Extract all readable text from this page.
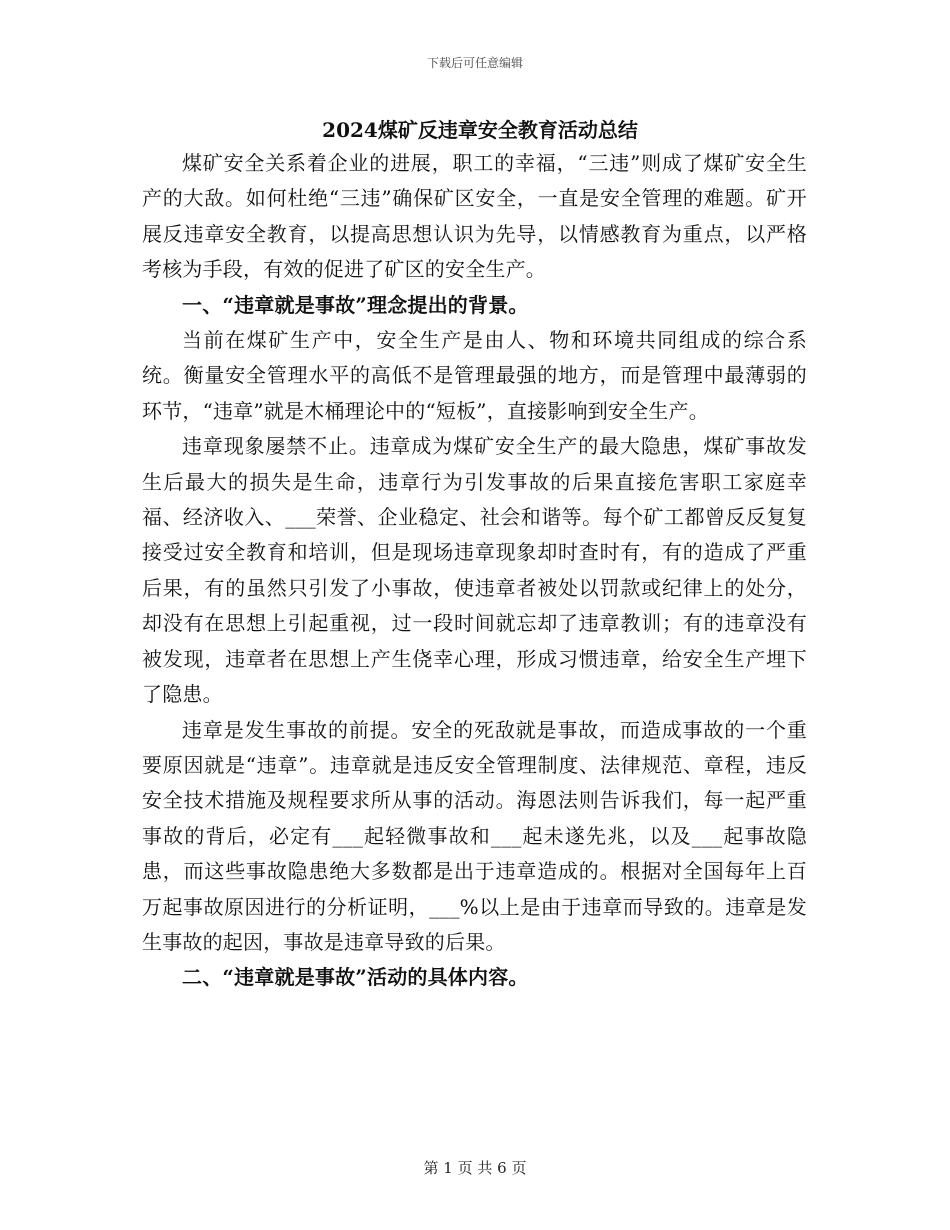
下载后可任意编辑
2024煤矿反违章安全教育活动总结

煤矿安全关系着企业的进展，职工的幸福，“三违”则成了煤矿安全生产的大敌。如何杜绝“三违”确保矿区安全，一直是安全管理的难题。矿开展反违章安全教育，以提高思想认识为先导，以情感教育为重点，以严格考核为手段，有效的促进了矿区的安全生产。

一、“违章就是事故”理念提出的背景。

当前在煤矿生产中，安全生产是由人、物和环境共同组成的综合系统。衡量安全管理水平的高低不是管理最强的地方，而是管理中最薄弱的环节，“违章”就是木桶理论中的“短板”，直接影响到安全生产。

违章现象屡禁不止。违章成为煤矿安全生产的最大隐患，煤矿事故发生后最大的损失是生命，违章行为引发事故的后果直接危害职工家庭幸福、经济收入、___荣誉、企业稳定、社会和谐等。每个矿工都曾反反复复接受过安全教育和培训，但是现场违章现象却时查时有，有的造成了严重后果，有的虽然只引发了小事故，使违章者被处以罚款或纪律上的处分，却没有在思想上引起重视，过一段时间就忘却了违章教训；有的违章没有被发现，违章者在思想上产生侥幸心理，形成习惯违章，给安全生产埋下了隐患。

违章是发生事故的前提。安全的死敌就是事故，而造成事故的一个重要原因就是“违章”。违章就是违反安全管理制度、法律规范、章程，违反安全技术措施及规程要求所从事的活动。海恩法则告诉我们，每一起严重事故的背后，必定有___起轻微事故和___起未遂先兆，以及___起事故隐患，而这些事故隐患绝大多数都是出于违章造成的。根据对全国每年上百万起事故原因进行的分析证明，___%以上是由于违章而导致的。违章是发生事故的起因，事故是违章导致的后果。

二、“违章就是事故”活动的具体内容。

第 1 页 共 6 页
